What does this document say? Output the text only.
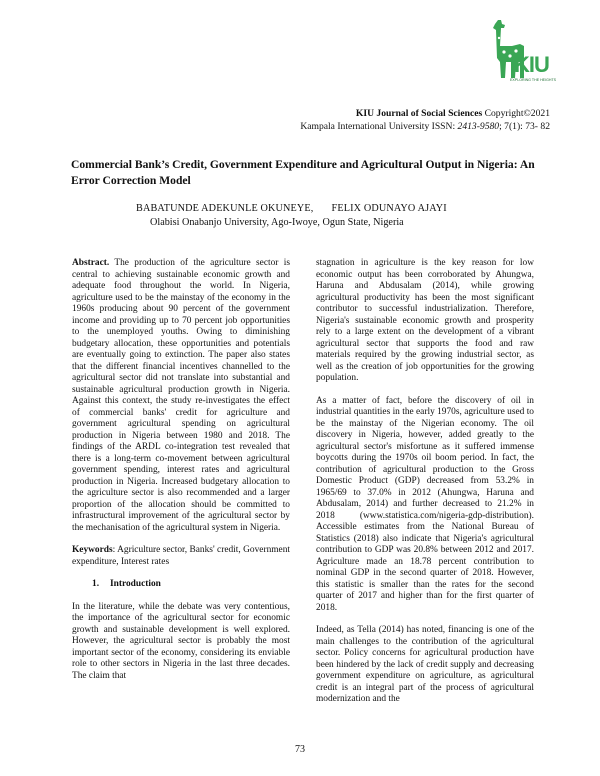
KIU
EXPLORING THE HEIGHTS
KIU Journal of Social Sciences Copyright©2021
Kampala International University ISSN: 2413-9580; 7(1): 73- 82
Commercial Bank’s Credit, Government Expenditure and Agricultural Output in Nigeria: An Error Correction Model
BABATUNDE ADEKUNLE OKUNEYE, FELIX ODUNAYO AJAYI
Olabisi Onabanjo University, Ago-Iwoye, Ogun State, Nigeria

Abstract. The production of the agriculture sector is central to achieving sustainable economic growth and adequate food throughout the world. In Nigeria, agriculture used to be the mainstay of the economy in the 1960s producing about 90 percent of the government income and providing up to 70 percent job opportunities to the unemployed youths. Owing to diminishing budgetary allocation, these opportunities and potentials are eventually going to extinction. The paper also states that the different financial incentives channelled to the agricultural sector did not translate into substantial and sustainable agricultural production growth in Nigeria. Against this context, the study re-investigates the effect of commercial banks' credit for agriculture and government agricultural spending on agricultural production in Nigeria between 1980 and 2018. The findings of the ARDL co-integration test revealed that there is a long-term co-movement between agricultural government spending, interest rates and agricultural production in Nigeria. Increased budgetary allocation to the agriculture sector is also recommended and a larger proportion of the allocation should be committed to infrastructural improvement of the agricultural sector by the mechanisation of the agricultural system in Nigeria.

Keywords: Agriculture sector, Banks' credit, Government expenditure, Interest rates

1. Introduction

In the literature, while the debate was very contentious, the importance of the agricultural sector for economic growth and sustainable development is well explored. However, the agricultural sector is probably the most important sector of the economy, considering its enviable role to other sectors in Nigeria in the last three decades. The claim that

stagnation in agriculture is the key reason for low economic output has been corroborated by Ahungwa, Haruna and Abdusalam (2014), while growing agricultural productivity has been the most significant contributor to successful industrialization. Therefore, Nigeria's sustainable economic growth and prosperity rely to a large extent on the development of a vibrant agricultural sector that supports the food and raw materials required by the growing industrial sector, as well as the creation of job opportunities for the growing population.

As a matter of fact, before the discovery of oil in industrial quantities in the early 1970s, agriculture used to be the mainstay of the Nigerian economy. The oil discovery in Nigeria, however, added greatly to the agricultural sector's misfortune as it suffered immense boycotts during the 1970s oil boom period. In fact, the contribution of agricultural production to the Gross Domestic Product (GDP) decreased from 53.2% in 1965/69 to 37.0% in 2012 (Ahungwa, Haruna and Abdusalam, 2014) and further decreased to 21.2% in 2018 (www.statistica.com/nigeria-gdp-distribution). Accessible estimates from the National Bureau of Statistics (2018) also indicate that Nigeria's agricultural contribution to GDP was 20.8% between 2012 and 2017. Agriculture made an 18.78 percent contribution to nominal GDP in the second quarter of 2018. However, this statistic is smaller than the rates for the second quarter of 2017 and higher than for the first quarter of 2018.

Indeed, as Tella (2014) has noted, financing is one of the main challenges to the contribution of the agricultural sector. Policy concerns for agricultural production have been hindered by the lack of credit supply and decreasing government expenditure on agriculture, as agricultural credit is an integral part of the process of agricultural modernization and the

73
